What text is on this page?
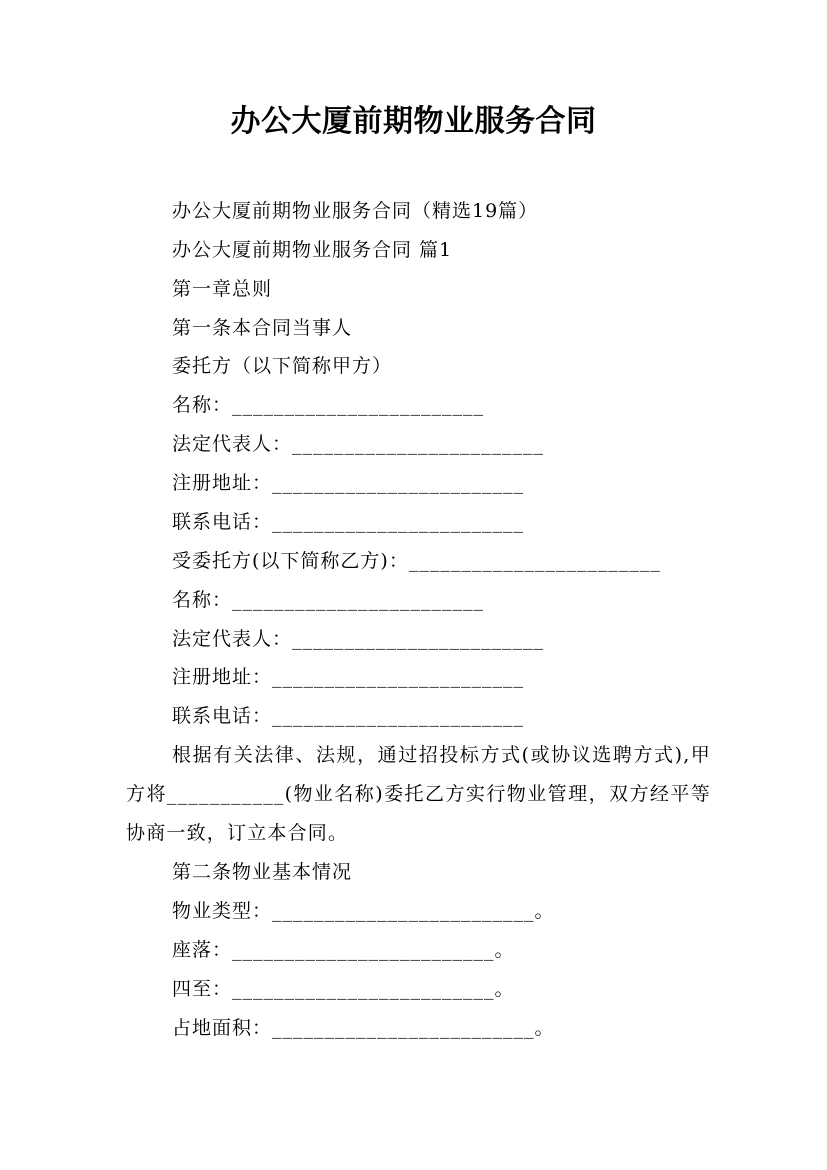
办公大厦前期物业服务合同
办公大厦前期物业服务合同（精选19篇）
办公大厦前期物业服务合同 篇1
第一章总则
第一条本合同当事人
委托方（以下简称甲方）
名称：________________________
法定代表人：________________________
注册地址：________________________
联系电话：________________________
受委托方(以下简称乙方)：________________________
名称：________________________
法定代表人：________________________
注册地址：________________________
联系电话：________________________
根据有关法律、法规，通过招投标方式(或协议选聘方式),甲方将___________(物业名称)委托乙方实行物业管理，双方经平等协商一致，订立本合同。
第二条物业基本情况
物业类型：_________________________。
座落：_________________________。
四至：_________________________。
占地面积：_________________________。
